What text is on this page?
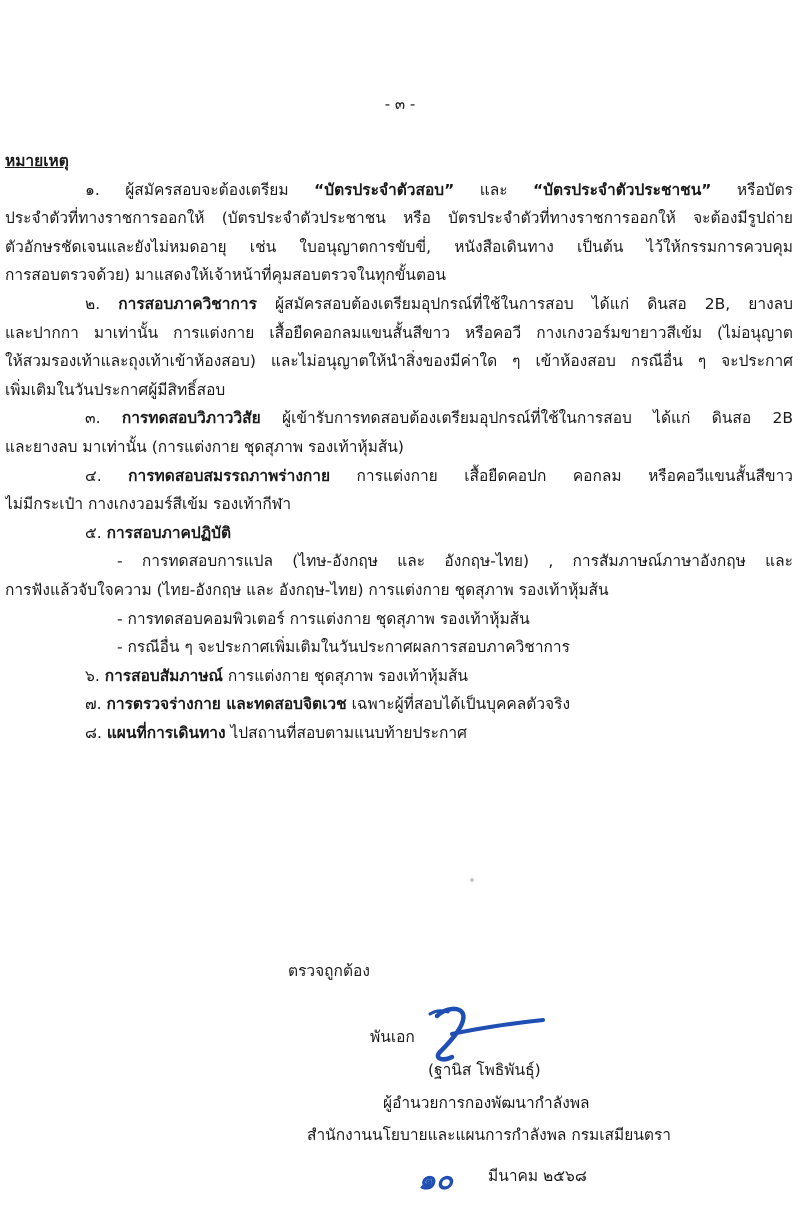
- ๓ -
หมายเหตุ
๑. ผู้สมัครสอบจะต้องเตรียม “บัตรประจำตัวสอบ” และ “บัตรประจำตัวประชาชน” หรือบัตร
ประจำตัวที่ทางราชการออกให้ (บัตรประจำตัวประชาชน หรือ บัตรประจำตัวที่ทางราชการออกให้ จะต้องมีรูปถ่าย
ตัวอักษรชัดเจนและยังไม่หมดอายุ เช่น ใบอนุญาตการขับขี่, หนังสือเดินทาง เป็นต้น ไว้ให้กรรมการควบคุม
การสอบตรวจด้วย) มาแสดงให้เจ้าหน้าที่คุมสอบตรวจในทุกขั้นตอน
๒. การสอบภาควิชาการ ผู้สมัครสอบต้องเตรียมอุปกรณ์ที่ใช้ในการสอบ ได้แก่ ดินสอ 2B, ยางลบ
และปากกา มาเท่านั้น การแต่งกาย เสื้อยืดคอกลมแขนสั้นสีขาว หรือคอวี กางเกงวอร์มขายาวสีเข้ม (ไม่อนุญาต
ให้สวมรองเท้าและถุงเท้าเข้าห้องสอบ) และไม่อนุญาตให้นำสิ่งของมีค่าใด ๆ เข้าห้องสอบ กรณีอื่น ๆ จะประกาศ
เพิ่มเติมในวันประกาศผู้มีสิทธิ์สอบ
๓. การทดสอบวิภาววิสัย ผู้เข้ารับการทดสอบต้องเตรียมอุปกรณ์ที่ใช้ในการสอบ ได้แก่ ดินสอ 2B
และยางลบ มาเท่านั้น (การแต่งกาย ชุดสุภาพ รองเท้าหุ้มส้น)
๔. การทดสอบสมรรถภาพร่างกาย การแต่งกาย เสื้อยืดคอปก คอกลม หรือคอวีแขนสั้นสีขาว
ไม่มีกระเป๋า กางเกงวอมร์สีเข้ม รองเท้ากีฬา
๕. การสอบภาคปฏิบัติ
- การทดสอบการแปล (ไทษ-อังกฤษ และ อังกฤษ-ไทย) , การสัมภาษณ์ภาษาอังกฤษ และ
การฟังแล้วจับใจความ (ไทย-อังกฤษ และ อังกฤษ-ไทย) การแต่งกาย ชุดสุภาพ รองเท้าหุ้มส้น
- การทดสอบคอมพิวเตอร์ การแต่งกาย ชุดสุภาพ รองเท้าหุ้มส้น
- กรณีอื่น ๆ จะประกาศเพิ่มเติมในวันประกาศผลการสอบภาควิชาการ
๖. การสอบสัมภาษณ์ การแต่งกาย ชุดสุภาพ รองเท้าหุ้มส้น
๗. การตรวจร่างกาย และทดสอบจิตเวช เฉพาะผู้ที่สอบได้เป็นบุคคลตัวจริง
๘. แผนที่การเดินทาง ไปสถานที่สอบตามแนบท้ายประกาศ
ตรวจถูกต้อง
พันเอก
(ฐานิส โพธิพันธุ์)
ผู้อำนวยการกองพัฒนากำลังพล
สำนักงานนโยบายและแผนการกำลังพล กรมเสมียนตรา
๑๐ มีนาคม ๒๕๖๘
